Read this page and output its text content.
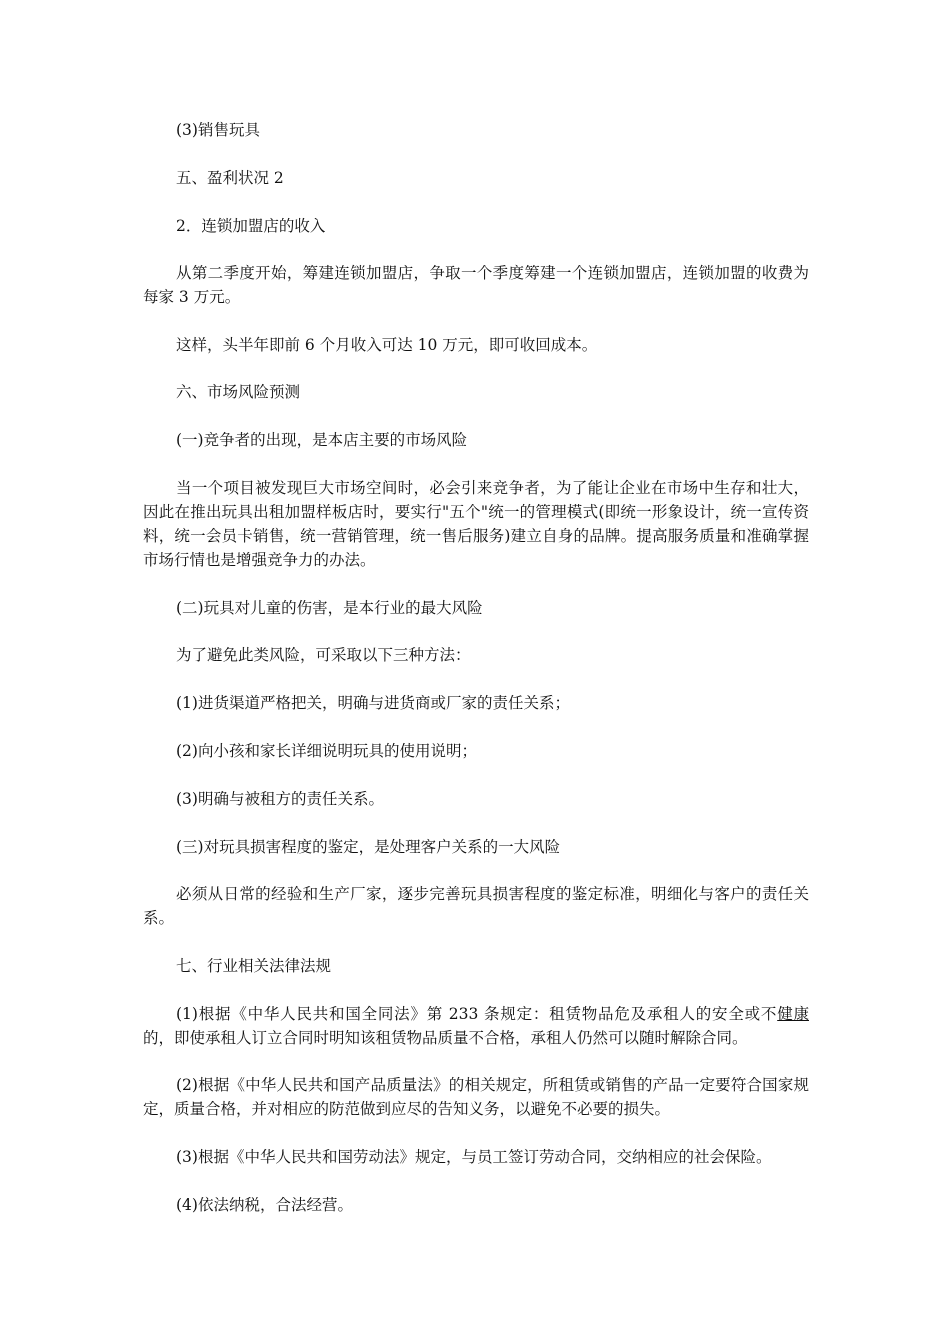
(3)销售玩具
五、盈利状况 2
2．连锁加盟店的收入
从第二季度开始，筹建连锁加盟店，争取一个季度筹建一个连锁加盟店，连锁加盟的收费为每家 3 万元。
这样，头半年即前 6 个月收入可达 10 万元，即可收回成本。
六、市场风险预测
(一)竞争者的出现，是本店主要的市场风险
当一个项目被发现巨大市场空间时，必会引来竞争者，为了能让企业在市场中生存和壮大，因此在推出玩具出租加盟样板店时，要实行"五个"统一的管理模式(即统一形象设计，统一宣传资料，统一会员卡销售，统一营销管理，统一售后服务)建立自身的品牌。提高服务质量和准确掌握市场行情也是增强竞争力的办法。
(二)玩具对儿童的伤害，是本行业的最大风险
为了避免此类风险，可采取以下三种方法：
(1)进货渠道严格把关，明确与进货商或厂家的责任关系；
(2)向小孩和家长详细说明玩具的使用说明；
(3)明确与被租方的责任关系。
(三)对玩具损害程度的鉴定，是处理客户关系的一大风险
必须从日常的经验和生产厂家，逐步完善玩具损害程度的鉴定标准，明细化与客户的责任关系。
七、行业相关法律法规
(1)根据《中华人民共和国全同法》第 233 条规定：租赁物品危及承租人的安全或不健康的，即使承租人订立合同时明知该租赁物品质量不合格，承租人仍然可以随时解除合同。
(2)根据《中华人民共和国产品质量法》的相关规定，所租赁或销售的产品一定要符合国家规定，质量合格，并对相应的防范做到应尽的告知义务，以避免不必要的损失。
(3)根据《中华人民共和国劳动法》规定，与员工签订劳动合同，交纳相应的社会保险。
(4)依法纳税，合法经营。
